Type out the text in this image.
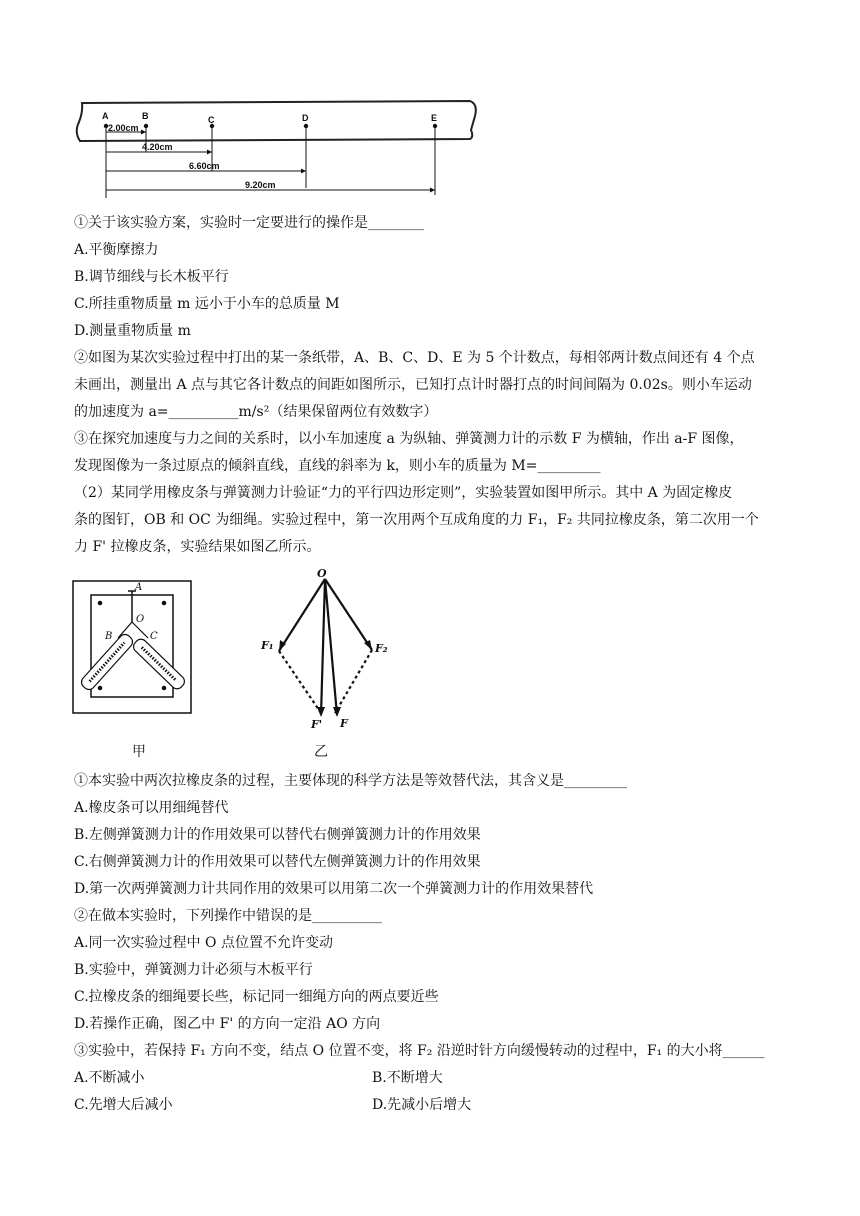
A	B	C	D	E
2.00cm
4.20cm
6.60cm
9.20cm
①关于该实验方案，实验时一定要进行的操作是________
A.平衡摩擦力
B.调节细线与长木板平行
C.所挂重物质量 m 远小于小车的总质量 M
D.测量重物质量 m
②如图为某次实验过程中打出的某一条纸带，A、B、C、D、E 为 5 个计数点，每相邻两计数点间还有 4 个点
未画出，测量出 A 点与其它各计数点的间距如图所示，已知打点计时器打点的时间间隔为 0.02s。则小车运动
的加速度为 a=__________m/s²（结果保留两位有效数字）
③在探究加速度与力之间的关系时，以小车加速度 a 为纵轴、弹簧测力计的示数 F 为横轴，作出 a-F 图像，
发现图像为一条过原点的倾斜直线，直线的斜率为 k，则小车的质量为 M=_________
（2）某同学用橡皮条与弹簧测力计验证“力的平行四边形定则”，实验装置如图甲所示。其中 A 为固定橡皮
条的图钉，OB 和 OC 为细绳。实验过程中，第一次用两个互成角度的力 F₁，F₂ 共同拉橡皮条，第二次用一个
力 F' 拉橡皮条，实验结果如图乙所示。
A
O
B	C
甲
O
F₁	F₂
F' F
乙
①本实验中两次拉橡皮条的过程，主要体现的科学方法是等效替代法，其含义是_________
A.橡皮条可以用细绳替代
B.左侧弹簧测力计的作用效果可以替代右侧弹簧测力计的作用效果
C.右侧弹簧测力计的作用效果可以替代左侧弹簧测力计的作用效果
D.第一次两弹簧测力计共同作用的效果可以用第二次一个弹簧测力计的作用效果替代
②在做本实验时，下列操作中错误的是__________
A.同一次实验过程中 O 点位置不允许变动
B.实验中，弹簧测力计必须与木板平行
C.拉橡皮条的细绳要长些，标记同一细绳方向的两点要近些
D.若操作正确，图乙中 F' 的方向一定沿 AO 方向
③实验中，若保持 F₁ 方向不变，结点 O 位置不变，将 F₂ 沿逆时针方向缓慢转动的过程中，F₁ 的大小将______
A.不断减小	B.不断增大
C.先增大后减小	D.先减小后增大
